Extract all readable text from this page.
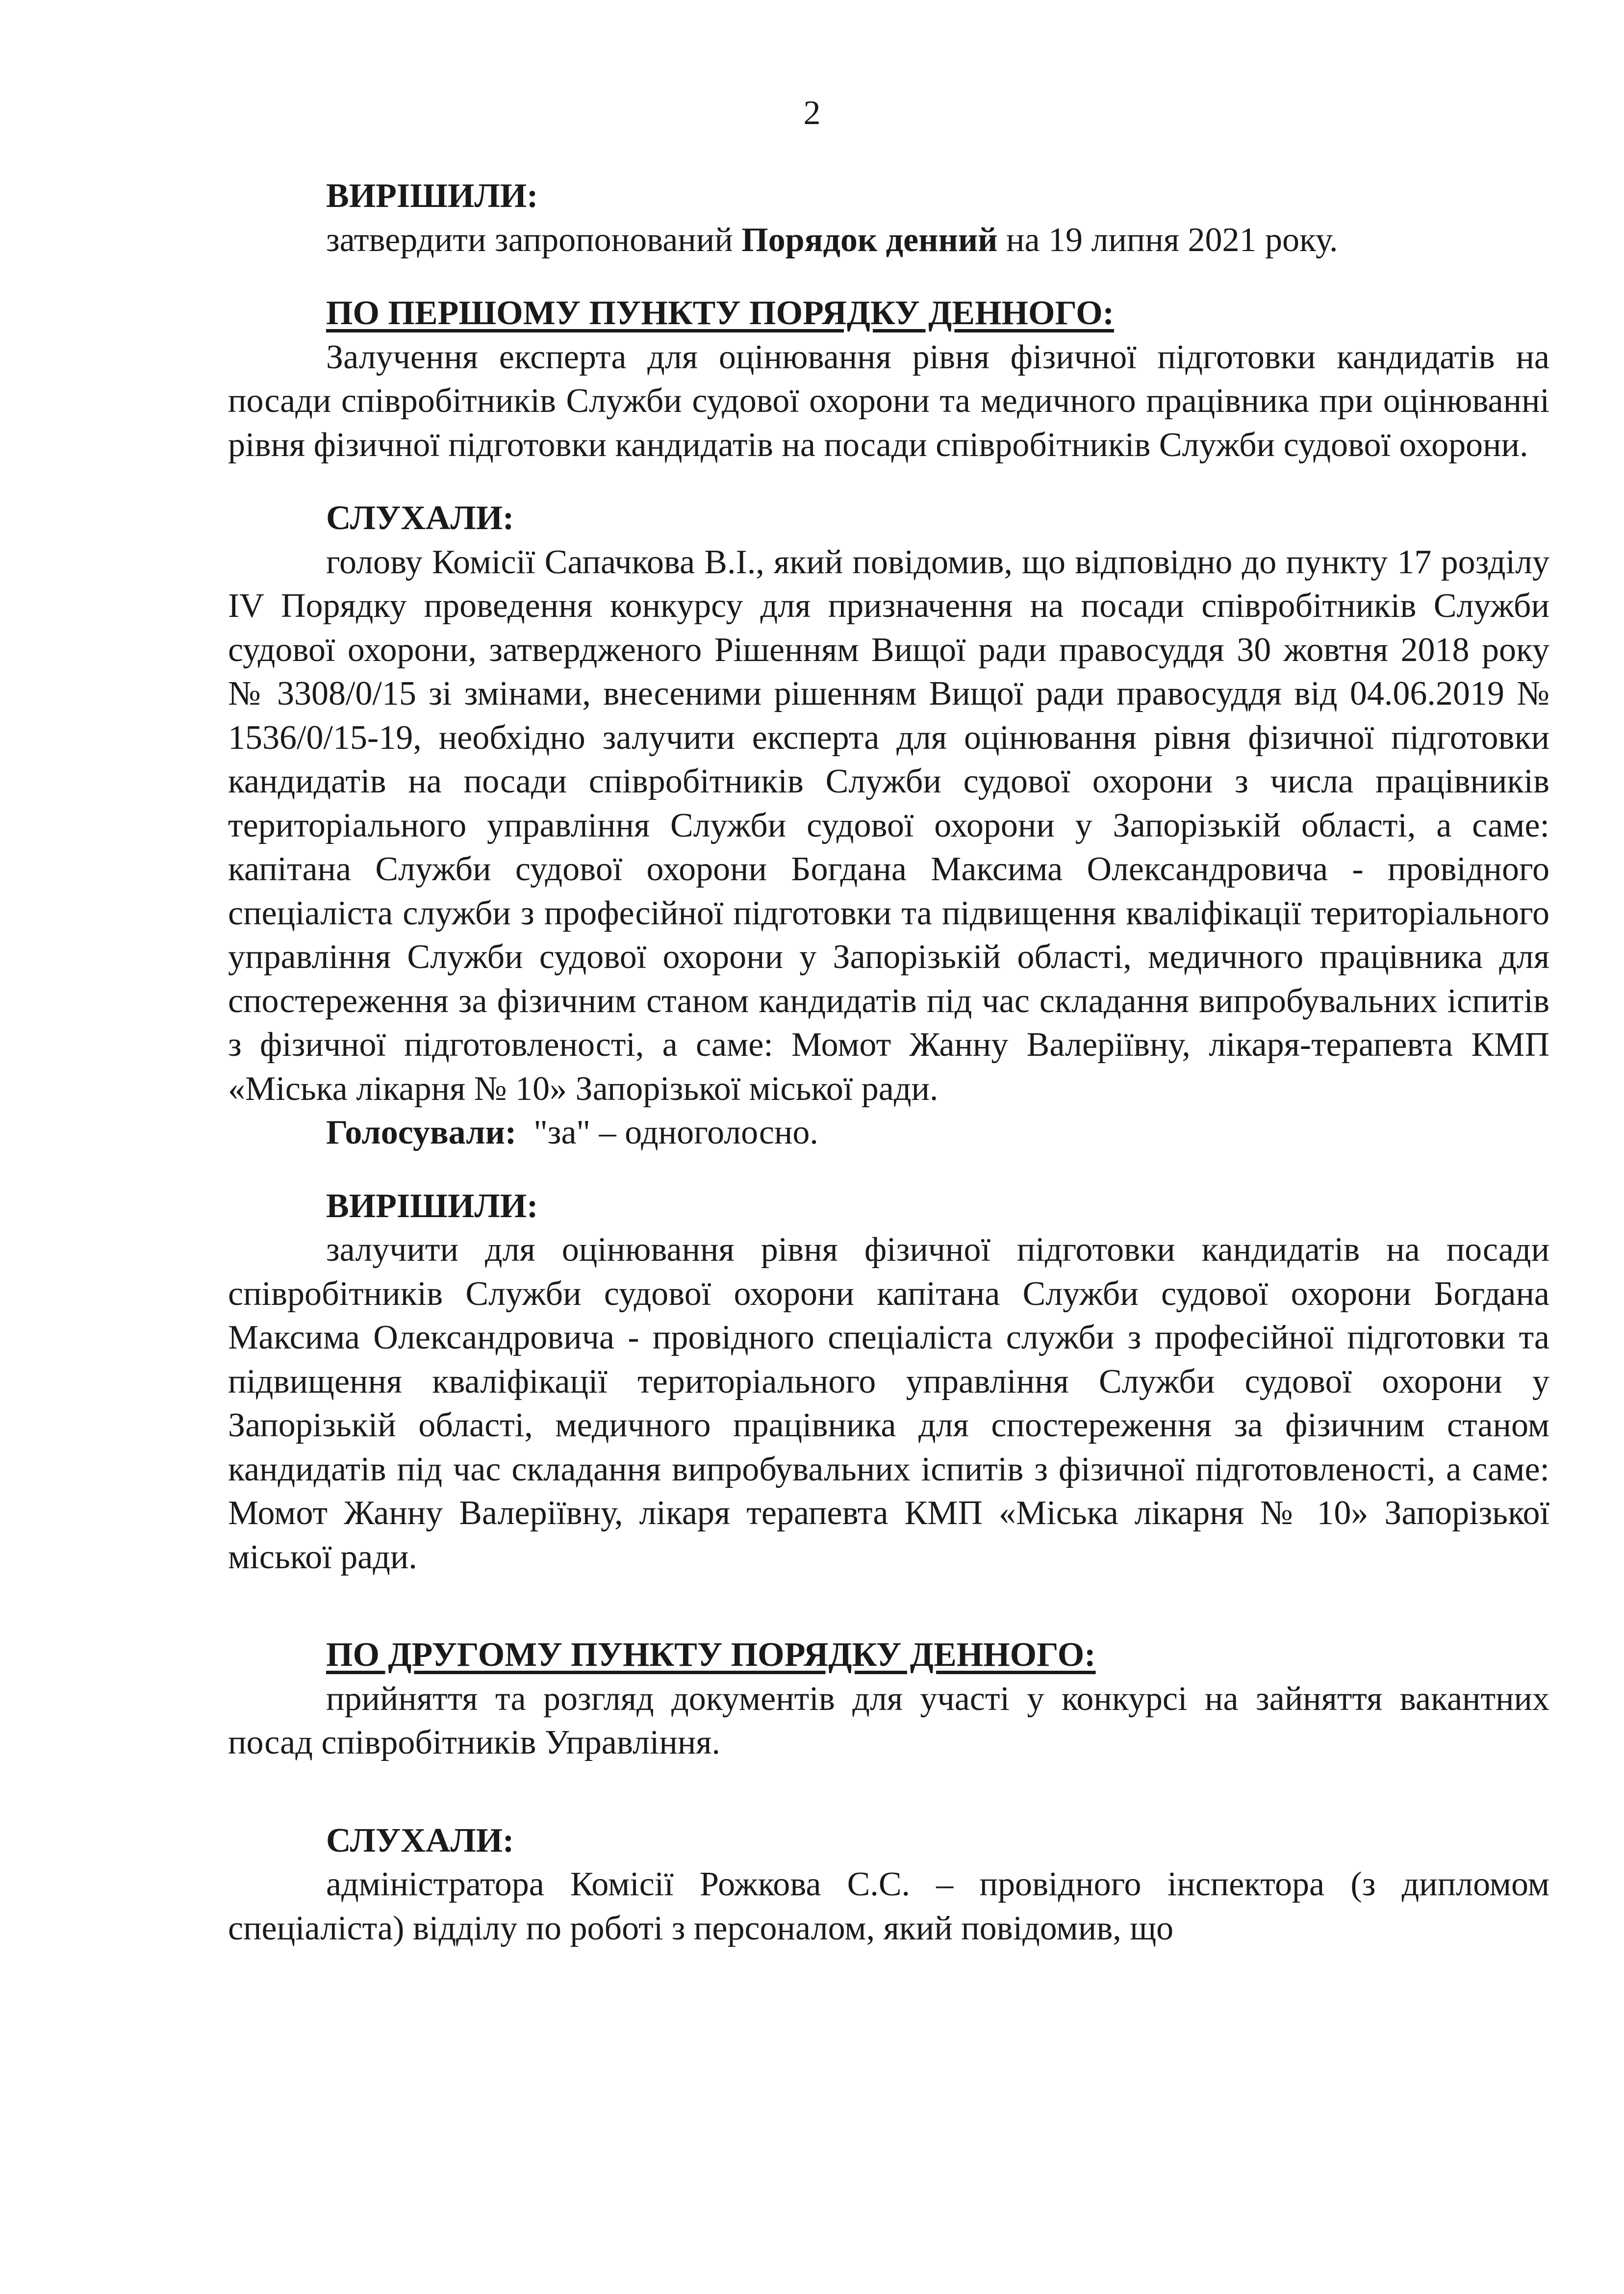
2
ВИРІШИЛИ:

затвердити запропонований Порядок денний на 19 липня 2021 року.

ПО ПЕРШОМУ ПУНКТУ ПОРЯДКУ ДЕННОГО:

Залучення експерта для оцінювання рівня фізичної підготовки кандидатів на посади співробітників Служби судової охорони та медичного працівника при оцінюванні рівня фізичної підготовки кандидатів на посади співробітників Служби судової охорони.

СЛУХАЛИ:

голову Комісії Сапачкова В.І., який повідомив, що відповідно до пункту 17 розділу IV Порядку проведення конкурсу для призначення на посади співробітників Служби судової охорони, затвердженого Рішенням Вищої ради правосуддя 30 жовтня 2018 року № 3308/0/15 зі змінами, внесеними рішенням Вищої ради правосуддя від 04.06.2019 № 1536/0/15-19, необхідно залучити експерта для оцінювання рівня фізичної підготовки кандидатів на посади співробітників Служби судової охорони з числа працівників територіального управління Служби судової охорони у Запорізькій області, а саме: капітана Служби судової охорони Богдана Максима Олександровича - провідного спеціаліста служби з професійної підготовки та підвищення кваліфікації територіального управління Служби судової охорони у Запорізькій області, медичного працівника для спостереження за фізичним станом кандидатів під час складання випробувальних іспитів з фізичної підготовленості, а саме: Момот Жанну Валеріївну, лікаря-терапевта КМП «Міська лікарня № 10» Запорізької міської ради.

Голосували:  "за" – одноголосно.

ВИРІШИЛИ:

залучити для оцінювання рівня фізичної підготовки кандидатів на посади співробітників Служби судової охорони капітана Служби судової охорони Богдана Максима Олександровича - провідного спеціаліста служби з професійної підготовки та підвищення кваліфікації територіального управління Служби судової охорони у Запорізькій області, медичного працівника для спостереження за фізичним станом кандидатів під час складання випробувальних іспитів з фізичної підготовленості, а саме: Момот Жанну Валеріївну, лікаря терапевта КМП «Міська лікарня № 10» Запорізької міської ради.

ПО ДРУГОМУ ПУНКТУ ПОРЯДКУ ДЕННОГО:

прийняття та розгляд документів для участі у конкурсі на зайняття вакантних посад співробітників Управління.

СЛУХАЛИ:

адміністратора Комісії Рожкова С.С. – провідного інспектора (з дипломом спеціаліста) відділу по роботі з персоналом, який повідомив, що
